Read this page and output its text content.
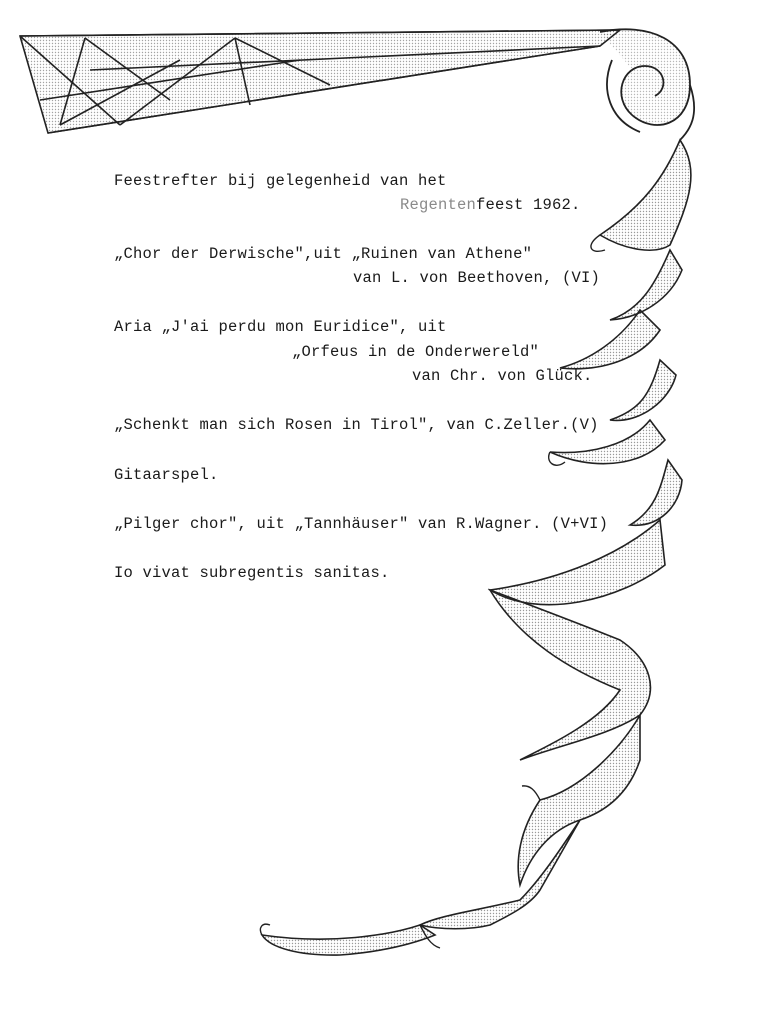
Feestrefter bij gelegenheid van het
Regentenfeest 1962.
„Chor der Derwische",uit „Ruinen van Athene"
van L. von Beethoven, (VI)
Aria „J'ai perdu mon Euridice", uit
„Orfeus in de Onderwereld"
van Chr. von Glück.
„Schenkt man sich Rosen in Tirol", van C.Zeller.(V)
Gitaarspel.
„Pilger chor", uit „Tannhäuser" van R.Wagner. (V+VI)
Io vivat subregentis sanitas.
